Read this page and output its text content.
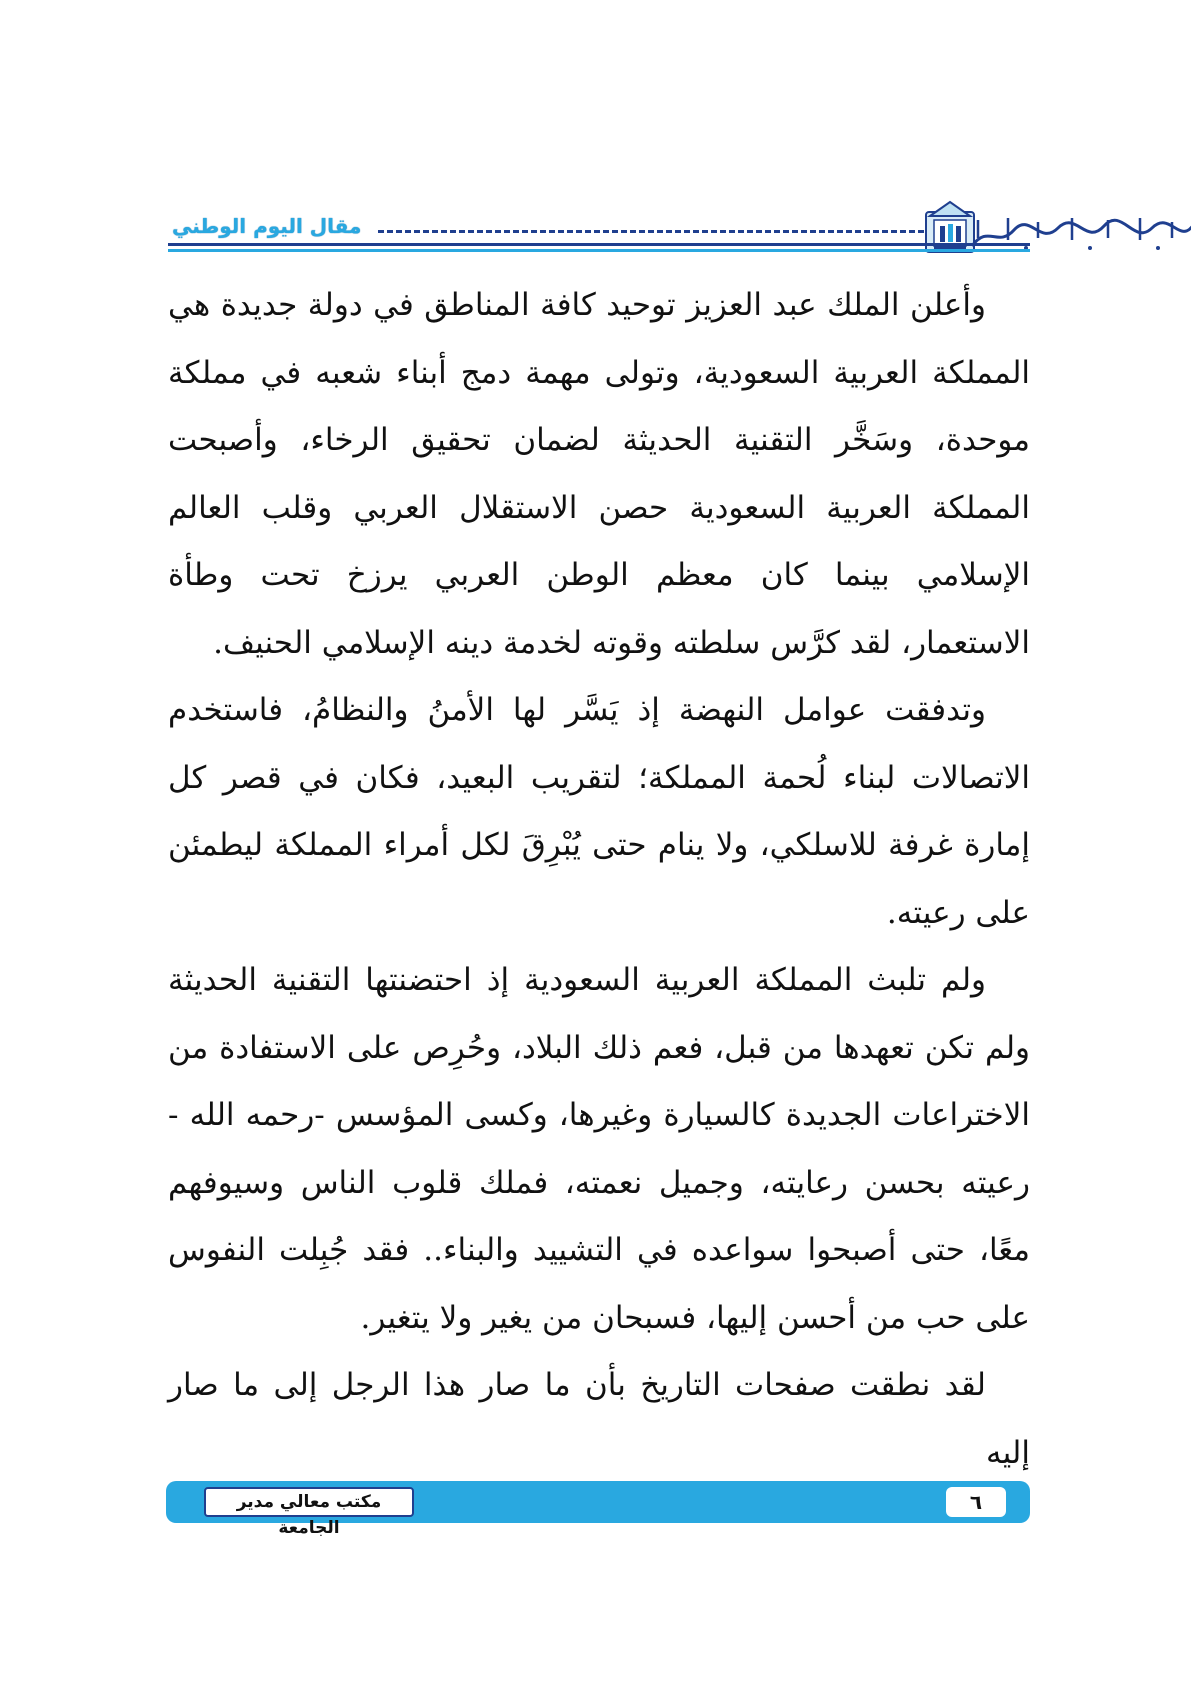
مقال اليوم الوطني

وأعلن الملك عبد العزيز توحيد كافة المناطق في دولة جديدة هي المملكة العربية السعودية، وتولى مهمة دمج أبناء شعبه في مملكة موحدة، وسَخَّر التقنية الحديثة لضمان تحقيق الرخاء، وأصبحت المملكة العربية السعودية حصن الاستقلال العربي وقلب العالم الإسلامي بينما كان معظم الوطن العربي يرزخ تحت وطأة الاستعمار، لقد كرَّس سلطته وقوته لخدمة دينه الإسلامي الحنيف.

وتدفقت عوامل النهضة إذ يَسَّر لها الأمنُ والنظامُ، فاستخدم الاتصالات لبناء لُحمة المملكة؛ لتقريب البعيد، فكان في قصر كل إمارة غرفة للاسلكي، ولا ينام حتى يُبْرِقَ لكل أمراء المملكة ليطمئن على رعيته.

ولم تلبث المملكة العربية السعودية إذ احتضنتها التقنية الحديثة ولم تكن تعهدها من قبل، فعم ذلك البلاد، وحُرِص على الاستفادة من الاختراعات الجديدة كالسيارة وغيرها، وكسى المؤسس -رحمه الله - رعيته بحسن رعايته، وجميل نعمته، فملك قلوب الناس وسيوفهم معًا، حتى أصبحوا سواعده في التشييد والبناء.. فقد جُبِلت النفوس على حب من أحسن إليها، فسبحان من يغير ولا يتغير.

لقد نطقت صفحات التاريخ بأن ما صار هذا الرجل إلى ما صار إليه

مكتب معالي مدير الجامعة
٦
